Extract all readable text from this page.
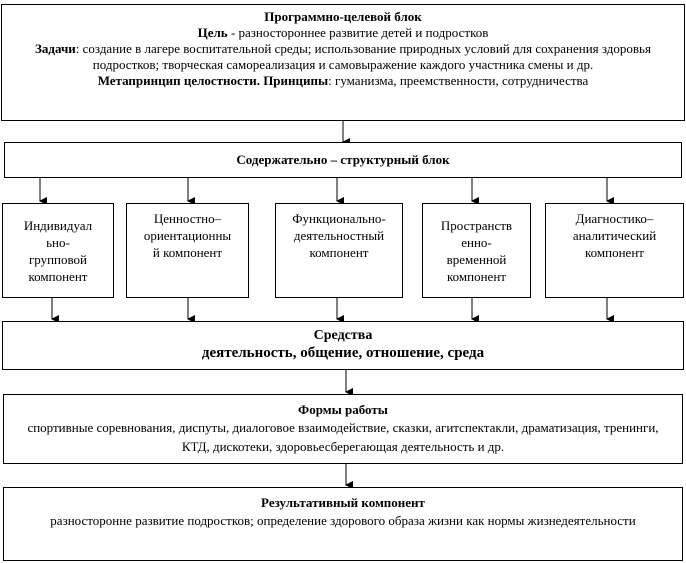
Программно-целевой блок
Цель - разностороннее развитие детей и подростков
Задачи: создание в лагере воспитательной среды; использование природных условий для сохранения здоровья подростков; творческая самореализация и самовыражение каждого участника смены и др.
Метапринцип целостности. Принципы: гуманизма, преемственности, сотрудничества
Содержательно – структурный блок
Индивидуал
ьно-
групповой
компонент
Ценностно–
ориентационны
й компонент
Функционально-
деятельностный
компонент
Пространств
енно-
временной
компонент
Диагностико–
аналитический
компонент
Средства
деятельность, общение, отношение, среда
Формы работы
спортивные соревнования, диспуты, диалоговое взаимодействие, сказки, агитспектакли, драматизация, тренинги, КТД, дискотеки, здоровьесберегающая деятельность и др.
Результативный компонент
разносторонне развитие подростков; определение здорового образа жизни как нормы жизнедеятельности
